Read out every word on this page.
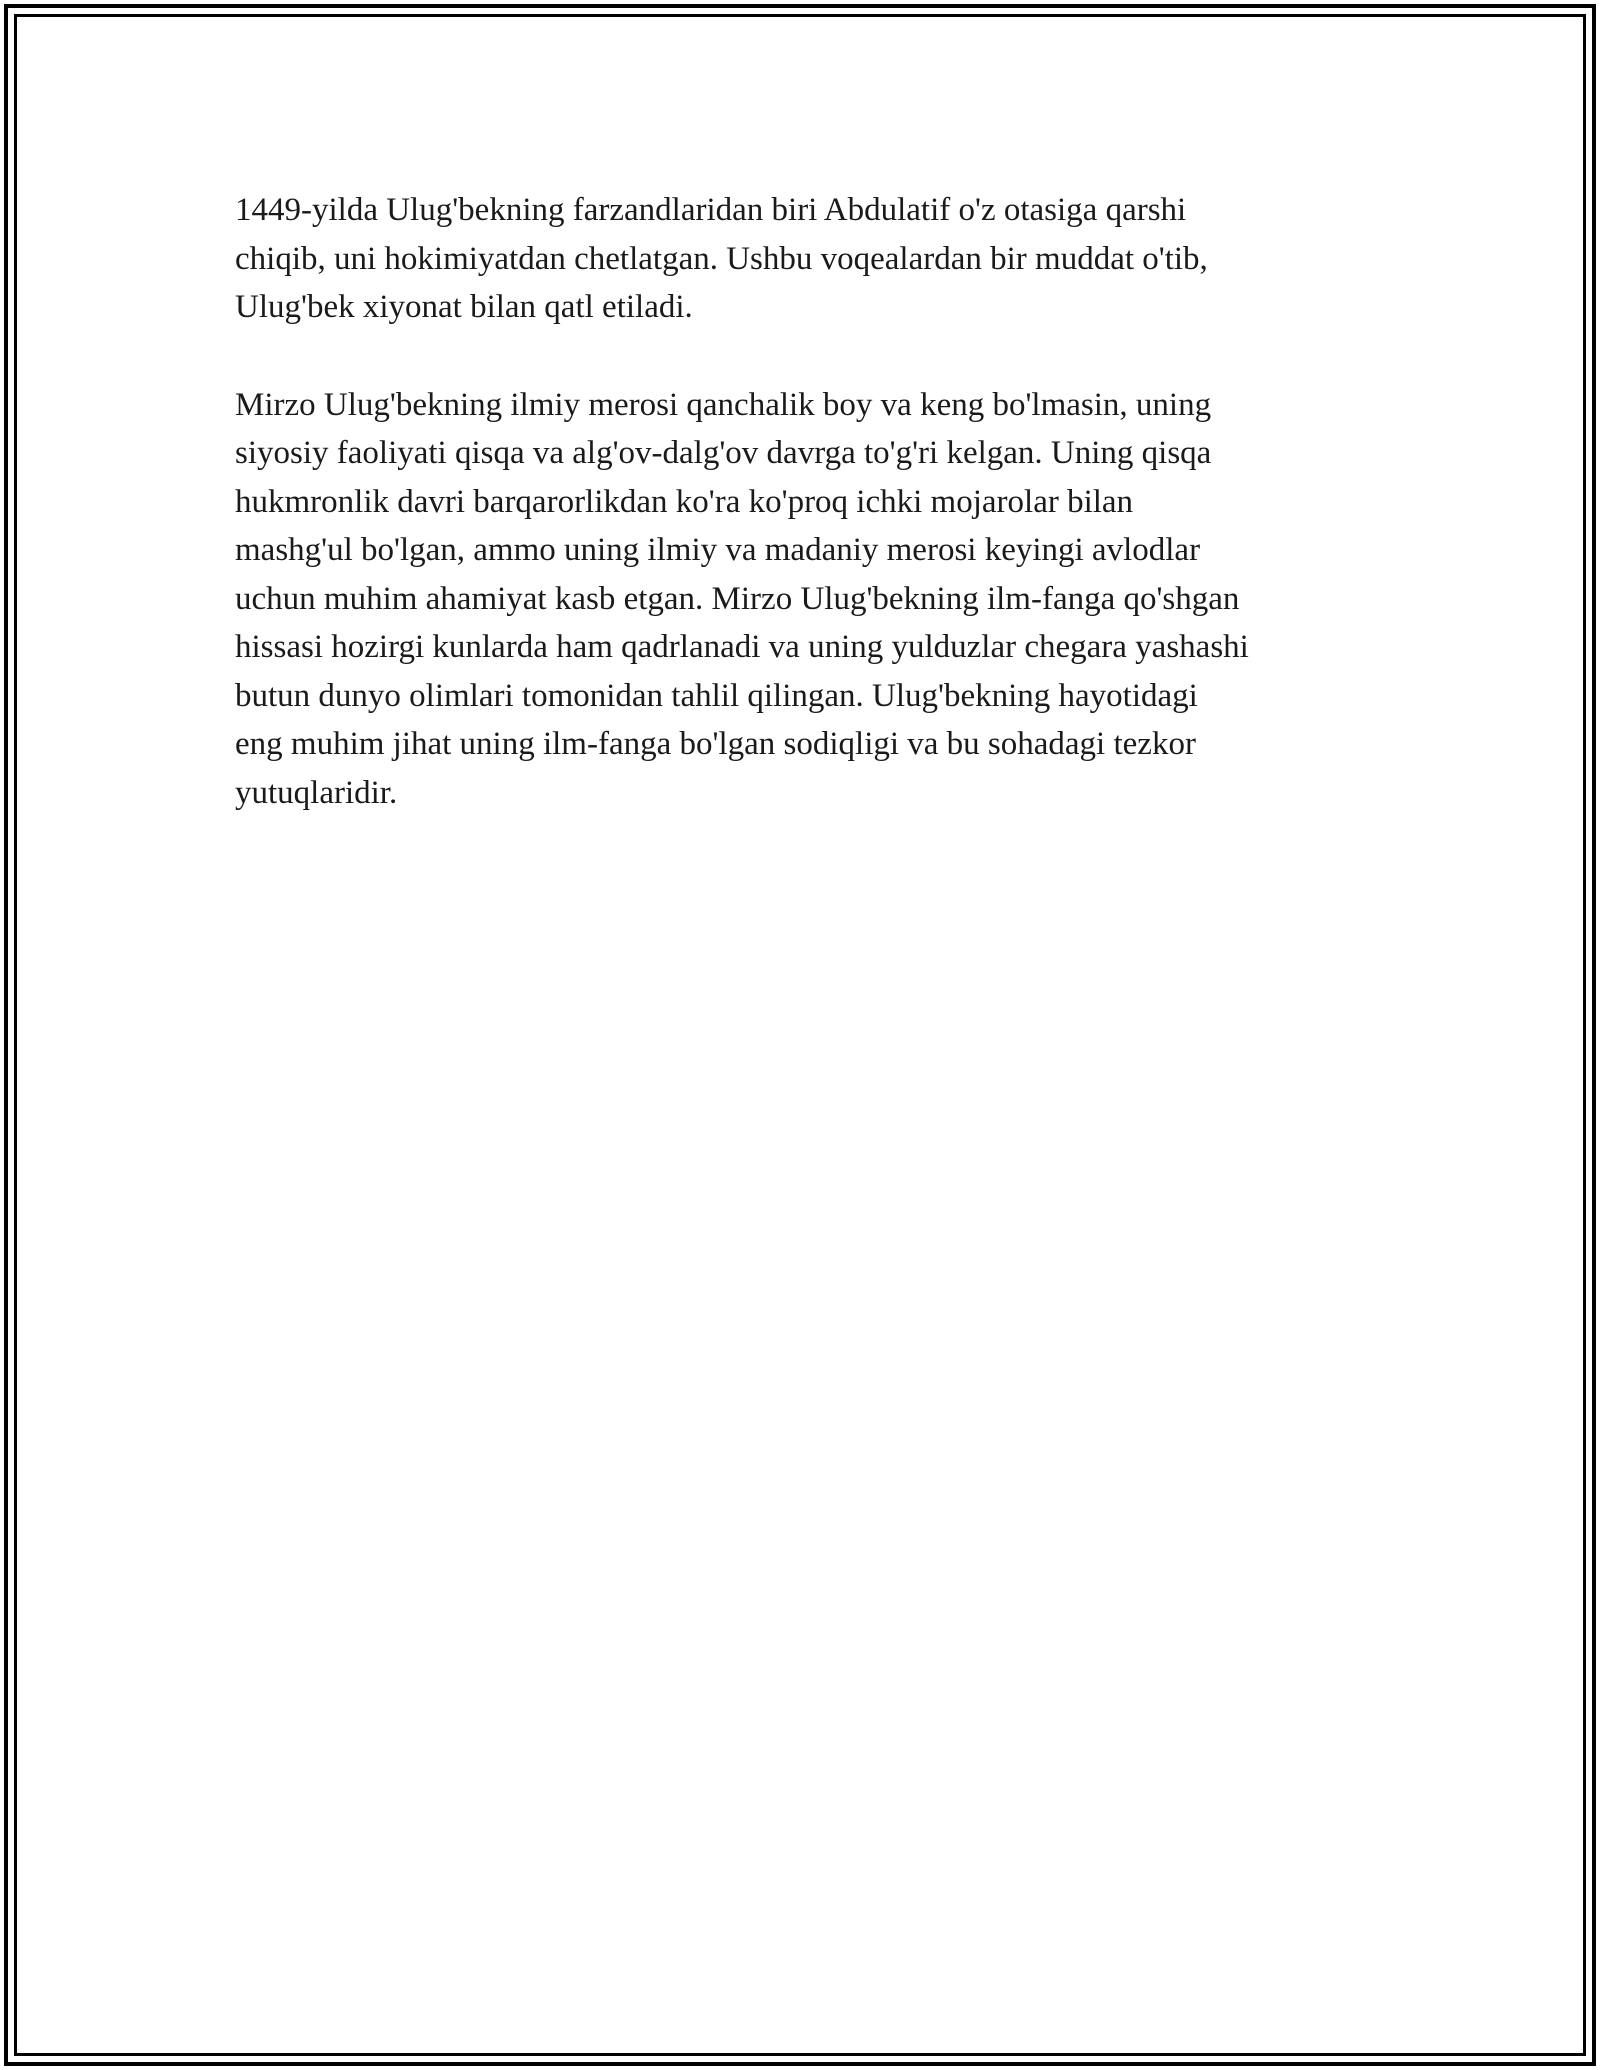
1449-yilda Ulug'bekning farzandlaridan biri Abdulatif o'z otasiga qarshi
chiqib, uni hokimiyatdan chetlatgan. Ushbu voqealardan bir muddat o'tib,
Ulug'bek xiyonat bilan qatl etiladi.

Mirzo Ulug'bekning ilmiy merosi qanchalik boy va keng bo'lmasin, uning
siyosiy faoliyati qisqa va alg'ov-dalg'ov davrga to'g'ri kelgan. Uning qisqa
hukmronlik davri barqarorlikdan ko'ra ko'proq ichki mojarolar bilan
mashg'ul bo'lgan, ammo uning ilmiy va madaniy merosi keyingi avlodlar
uchun muhim ahamiyat kasb etgan. Mirzo Ulug'bekning ilm-fanga qo'shgan
hissasi hozirgi kunlarda ham qadrlanadi va uning yulduzlar chegara yashashi
butun dunyo olimlari tomonidan tahlil qilingan. Ulug'bekning hayotidagi
eng muhim jihat uning ilm-fanga bo'lgan sodiqligi va bu sohadagi tezkor
yutuqlaridir.
